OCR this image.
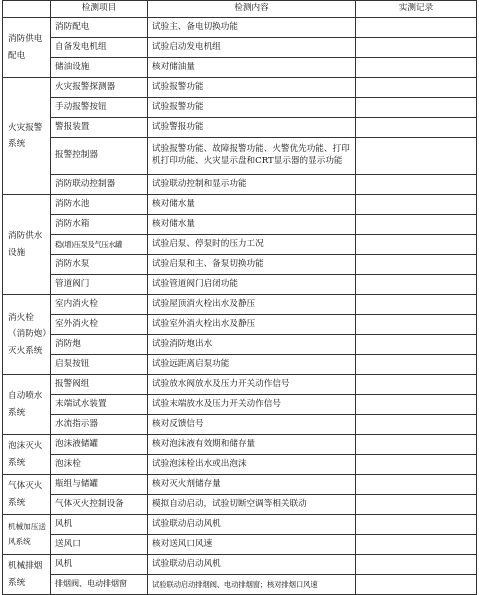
	检测项目	检测内容	实测记录
消防供电配电	消防配电	试验主、备电切换功能	
	自备发电机组	试验启动发电机组	
	储油设施	核对储油量	
火灾报警系统	火灾报警探测器	试验报警功能	
	手动报警按钮	试验报警功能	
	警报装置	试验警报功能	
	报警控制器	试验报警功能、故障报警功能、火警优先功能、打印机打印功能、火灾显示盘和CRT显示器的显示功能	
	消防联动控制器	试验联动控制和显示功能	
消防供水设施	消防水池	核对储水量	
	消防水箱	核对储水量	
	稳(增)压泵及气压水罐	试验启泵、停泵时的压力工况	
	消防水泵	试验启泵和主、备泵切换功能	
	管道阀门	试验管道阀门启闭功能	
消火栓（消防炮）灭火系统	室内消火栓	试验屋顶消火栓出水及静压	
	室外消火栓	试验室外消火栓出水及静压	
	消防炮	试验消防炮出水	
	启泵按钮	试验远距离启泵功能	
自动喷水系统	报警阀组	试验放水阀放水及压力开关动作信号	
	末端试水装置	试验末端放水及压力开关动作信号	
	水流指示器	核对反馈信号	
泡沫灭火系统	泡沫液储罐	核对泡沫液有效期和储存量	
	泡沫栓	试验泡沫栓出水或出泡沫	
气体灭火系统	瓶组与储罐	核对灭火剂储存量	
	气体灭火控制设备	模拟自动启动，试验切断空调等相关联动	
机械加压送风系统	风机	试验联动启动风机	
	送风口	核对送风口风速	
机械排烟系统	风机	试验联动启动风机	
	排烟阀、电动排烟窗	试验联动启动排烟阀、电动排烟窗；核对排烟口风速	
